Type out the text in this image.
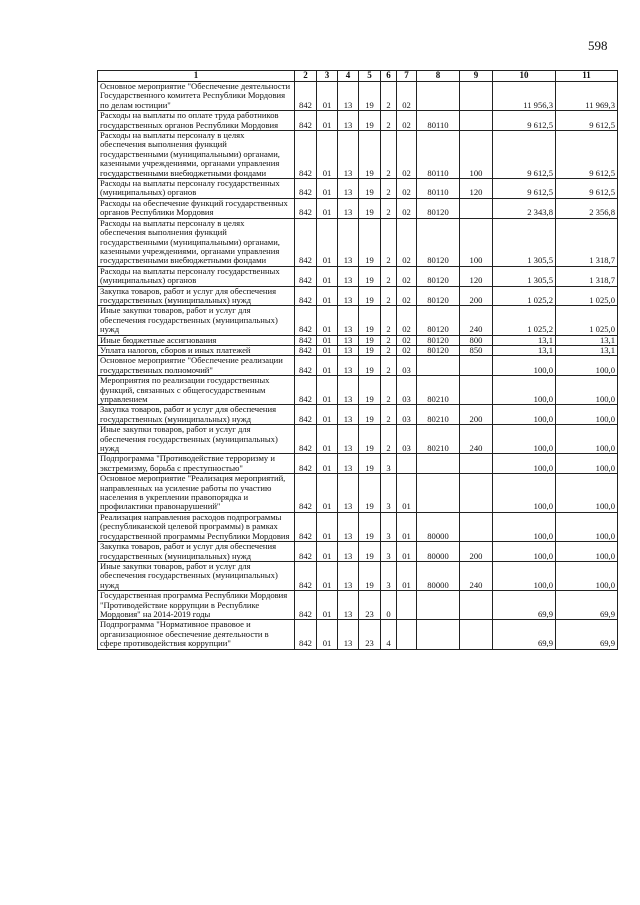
598
1	2	3	4	5	6	7	8	9	10	11
Основное мероприятие "Обеспечение деятельности Государственного комитета Республики Мордовия по делам юстиции"	842	01	13	19	2	02			11 956,3	11 969,3
Расходы на выплаты по оплате труда работников государственных органов Республики Мордовия	842	01	13	19	2	02	80110		9 612,5	9 612,5
Расходы на выплаты персоналу в целях обеспечения выполнения функций государственными (муниципальными) органами, казенными учреждениями, органами управления государственными внебюджетными фондами	842	01	13	19	2	02	80110	100	9 612,5	9 612,5
Расходы на выплаты персоналу государственных (муниципальных) органов	842	01	13	19	2	02	80110	120	9 612,5	9 612,5
Расходы на обеспечение функций государственных органов Республики Мордовия	842	01	13	19	2	02	80120		2 343,8	2 356,8
Расходы на выплаты персоналу в целях обеспечения выполнения функций государственными (муниципальными) органами, казенными учреждениями, органами управления государственными внебюджетными фондами	842	01	13	19	2	02	80120	100	1 305,5	1 318,7
Расходы на выплаты персоналу государственных (муниципальных) органов	842	01	13	19	2	02	80120	120	1 305,5	1 318,7
Закупка товаров, работ и услуг для обеспечения государственных (муниципальных) нужд	842	01	13	19	2	02	80120	200	1 025,2	1 025,0
Иные закупки товаров, работ и услуг для обеспечения государственных (муниципальных) нужд	842	01	13	19	2	02	80120	240	1 025,2	1 025,0
Иные бюджетные ассигнования	842	01	13	19	2	02	80120	800	13,1	13,1
Уплата налогов, сборов и иных платежей	842	01	13	19	2	02	80120	850	13,1	13,1
Основное мероприятие "Обеспечение реализации государственных полномочий"	842	01	13	19	2	03			100,0	100,0
Мероприятия по реализации государственных функций, связанных с общегосударственным управлением	842	01	13	19	2	03	80210		100,0	100,0
Закупка товаров, работ и услуг для обеспечения государственных (муниципальных) нужд	842	01	13	19	2	03	80210	200	100,0	100,0
Иные закупки товаров, работ и услуг для обеспечения государственных (муниципальных) нужд	842	01	13	19	2	03	80210	240	100,0	100,0
Подпрограмма "Противодействие терроризму и экстремизму, борьба с преступностью"	842	01	13	19	3				100,0	100,0
Основное мероприятие "Реализация мероприятий, направленных на усиление работы по участию населения в укреплении правопорядка и профилактики правонарушений"	842	01	13	19	3	01			100,0	100,0
Реализация направления расходов подпрограммы (республиканской целевой программы) в рамках государственной программы Республики Мордовия	842	01	13	19	3	01	80000		100,0	100,0
Закупка товаров, работ и услуг для обеспечения государственных (муниципальных) нужд	842	01	13	19	3	01	80000	200	100,0	100,0
Иные закупки товаров, работ и услуг для обеспечения государственных (муниципальных) нужд	842	01	13	19	3	01	80000	240	100,0	100,0
Государственная программа Республики Мордовия "Противодействие коррупции в Республике Мордовия" на 2014-2019 годы	842	01	13	23	0				69,9	69,9
Подпрограмма "Нормативное правовое и организационное обеспечение деятельности в сфере противодействия коррупции"	842	01	13	23	4				69,9	69,9
